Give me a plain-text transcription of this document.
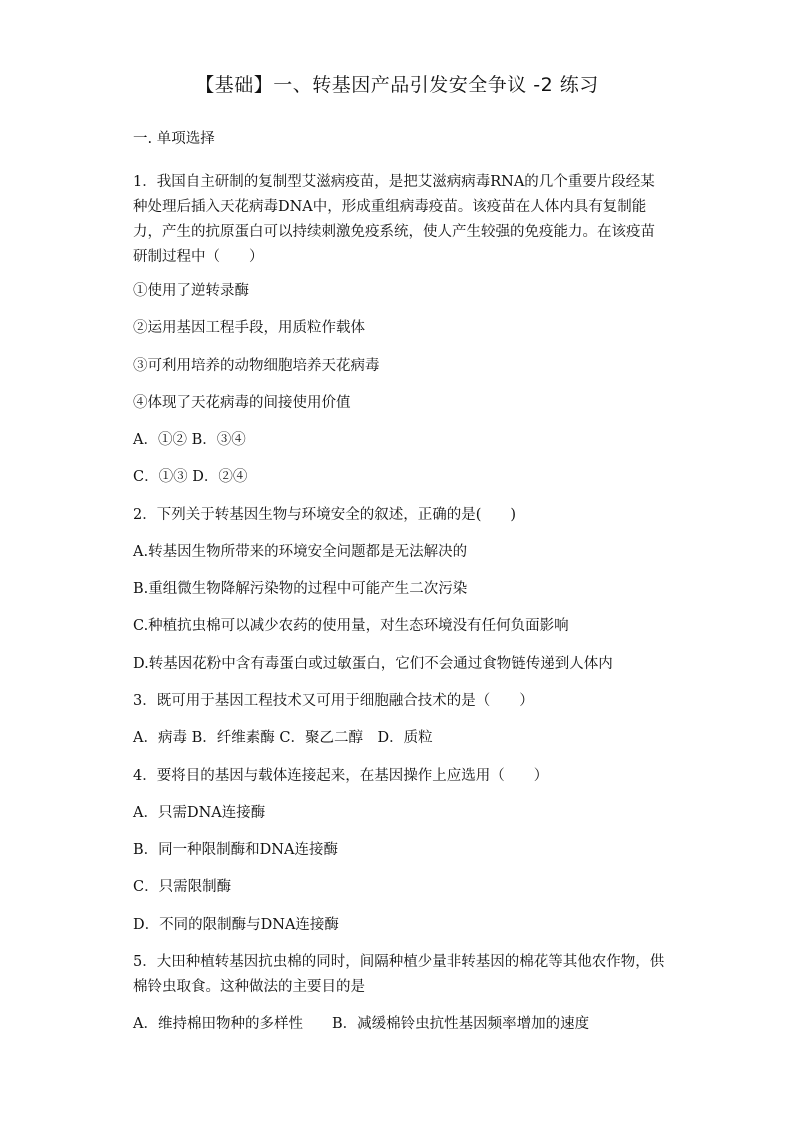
【基础】一、转基因产品引发安全争议 -2 练习
一. 单项选择
1．我国自主研制的复制型艾滋病疫苗，是把艾滋病病毒RNA的几个重要片段经某种处理后插入天花病毒DNA中，形成重组病毒疫苗。该疫苗在人体内具有复制能力，产生的抗原蛋白可以持续刺激免疫系统，使人产生较强的免疫能力。在该疫苗研制过程中（　　）
①使用了逆转录酶
②运用基因工程手段，用质粒作载体
③可利用培养的动物细胞培养天花病毒
④体现了天花病毒的间接使用价值
A．①② B．③④
C．①③ D．②④
2．下列关于转基因生物与环境安全的叙述，正确的是(　　)
A.转基因生物所带来的环境安全问题都是无法解决的
B.重组微生物降解污染物的过程中可能产生二次污染
C.种植抗虫棉可以减少农药的使用量，对生态环境没有任何负面影响
D.转基因花粉中含有毒蛋白或过敏蛋白，它们不会通过食物链传递到人体内
3．既可用于基因工程技术又可用于细胞融合技术的是（　　）
A．病毒 B．纤维素酶 C．聚乙二醇　D．质粒
4．要将目的基因与载体连接起来，在基因操作上应选用（　　）
A．只需DNA连接酶
B．同一种限制酶和DNA连接酶
C．只需限制酶
D．不同的限制酶与DNA连接酶
5．大田种植转基因抗虫棉的同时，间隔种植少量非转基因的棉花等其他农作物，供棉铃虫取食。这种做法的主要目的是
A．维持棉田物种的多样性　　B．减缓棉铃虫抗性基因频率增加的速度
